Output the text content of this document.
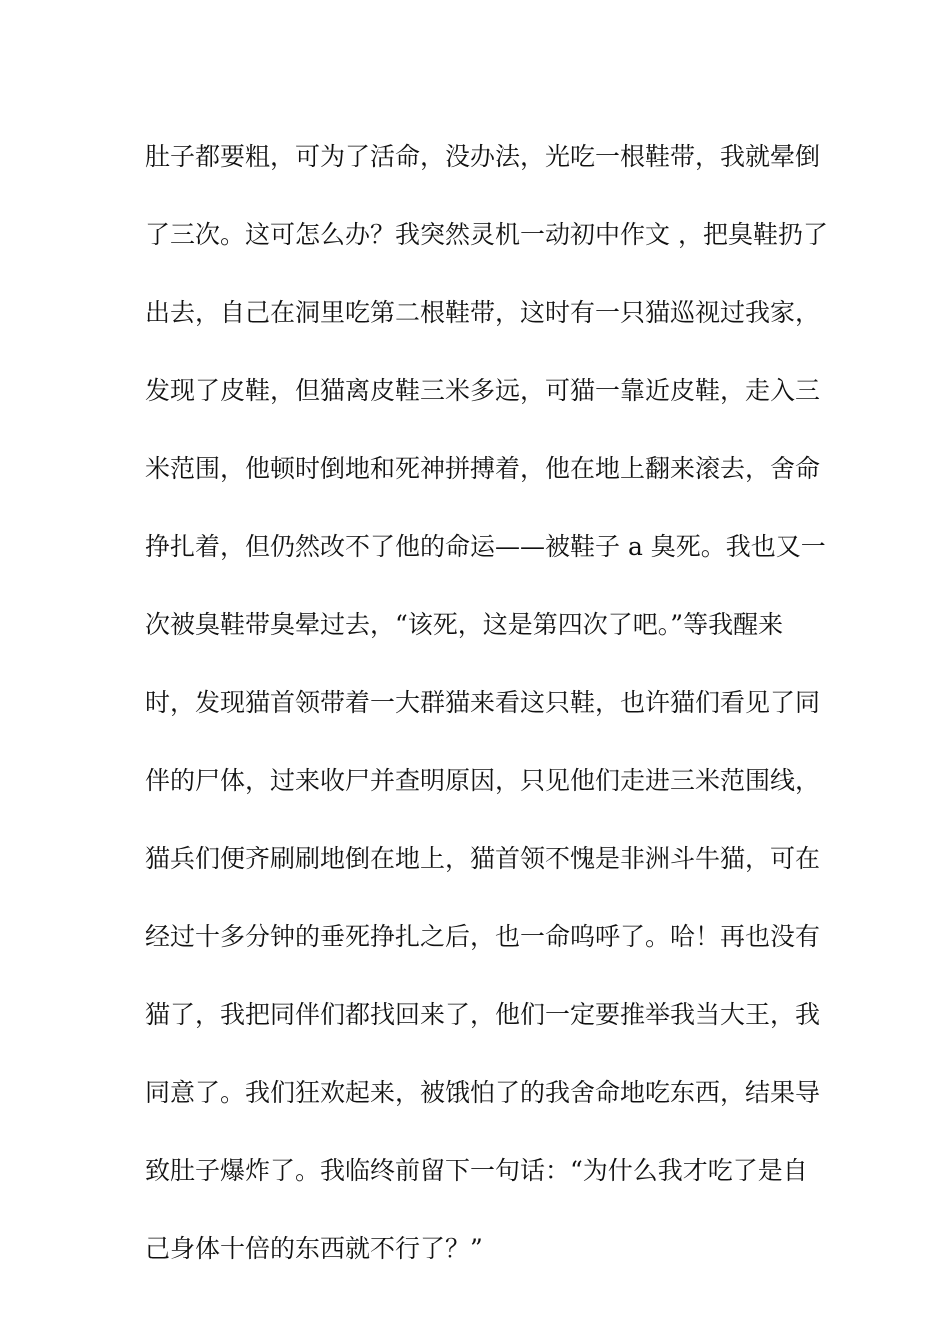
肚子都要粗，可为了活命，没办法，光吃一根鞋带，我就晕倒
了三次。这可怎么办？我突然灵机一动初中作文 ，把臭鞋扔了
出去，自己在洞里吃第二根鞋带，这时有一只猫巡视过我家，
发现了皮鞋，但猫离皮鞋三米多远，可猫一靠近皮鞋，走入三
米范围，他顿时倒地和死神拼搏着，他在地上翻来滚去，舍命
挣扎着，但仍然改不了他的命运——被鞋子 a 臭死。我也又一
次被臭鞋带臭晕过去，“该死，这是第四次了吧。”等我醒来
时，发现猫首领带着一大群猫来看这只鞋，也许猫们看见了同
伴的尸体，过来收尸并查明原因，只见他们走进三米范围线，
猫兵们便齐刷刷地倒在地上，猫首领不愧是非洲斗牛猫，可在
经过十多分钟的垂死挣扎之后，也一命呜呼了。哈！再也没有
猫了，我把同伴们都找回来了，他们一定要推举我当大王，我
同意了。我们狂欢起来，被饿怕了的我舍命地吃东西，结果导
致肚子爆炸了。我临终前留下一句话：“为什么我才吃了是自
己身体十倍的东西就不行了？”
